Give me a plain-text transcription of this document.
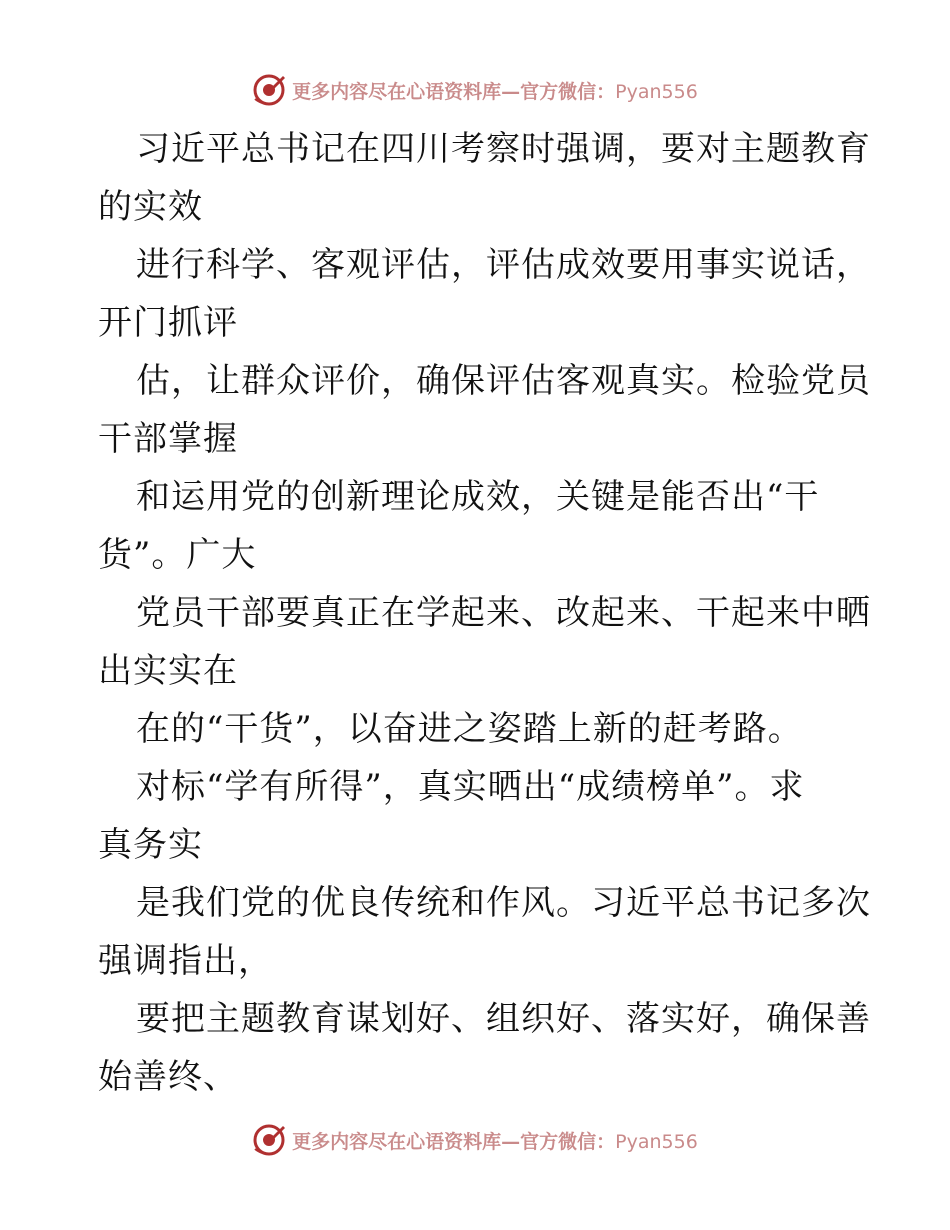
更多内容尽在心语资料库—官方微信：Pyan556
习近平总书记在四川考察时强调，要对主题教育
的实效
进行科学、客观评估，评估成效要用事实说话，
开门抓评
估，让群众评价，确保评估客观真实。检验党员
干部掌握
和运用党的创新理论成效，关键是能否出“干
货”。广大
党员干部要真正在学起来、改起来、干起来中晒
出实实在
在的“干货”，以奋进之姿踏上新的赶考路。
对标“学有所得”，真实晒出“成绩榜单”。求
真务实
是我们党的优良传统和作风。习近平总书记多次
强调指出，
要把主题教育谋划好、组织好、落实好，确保善
始善终、
更多内容尽在心语资料库—官方微信：Pyan556
